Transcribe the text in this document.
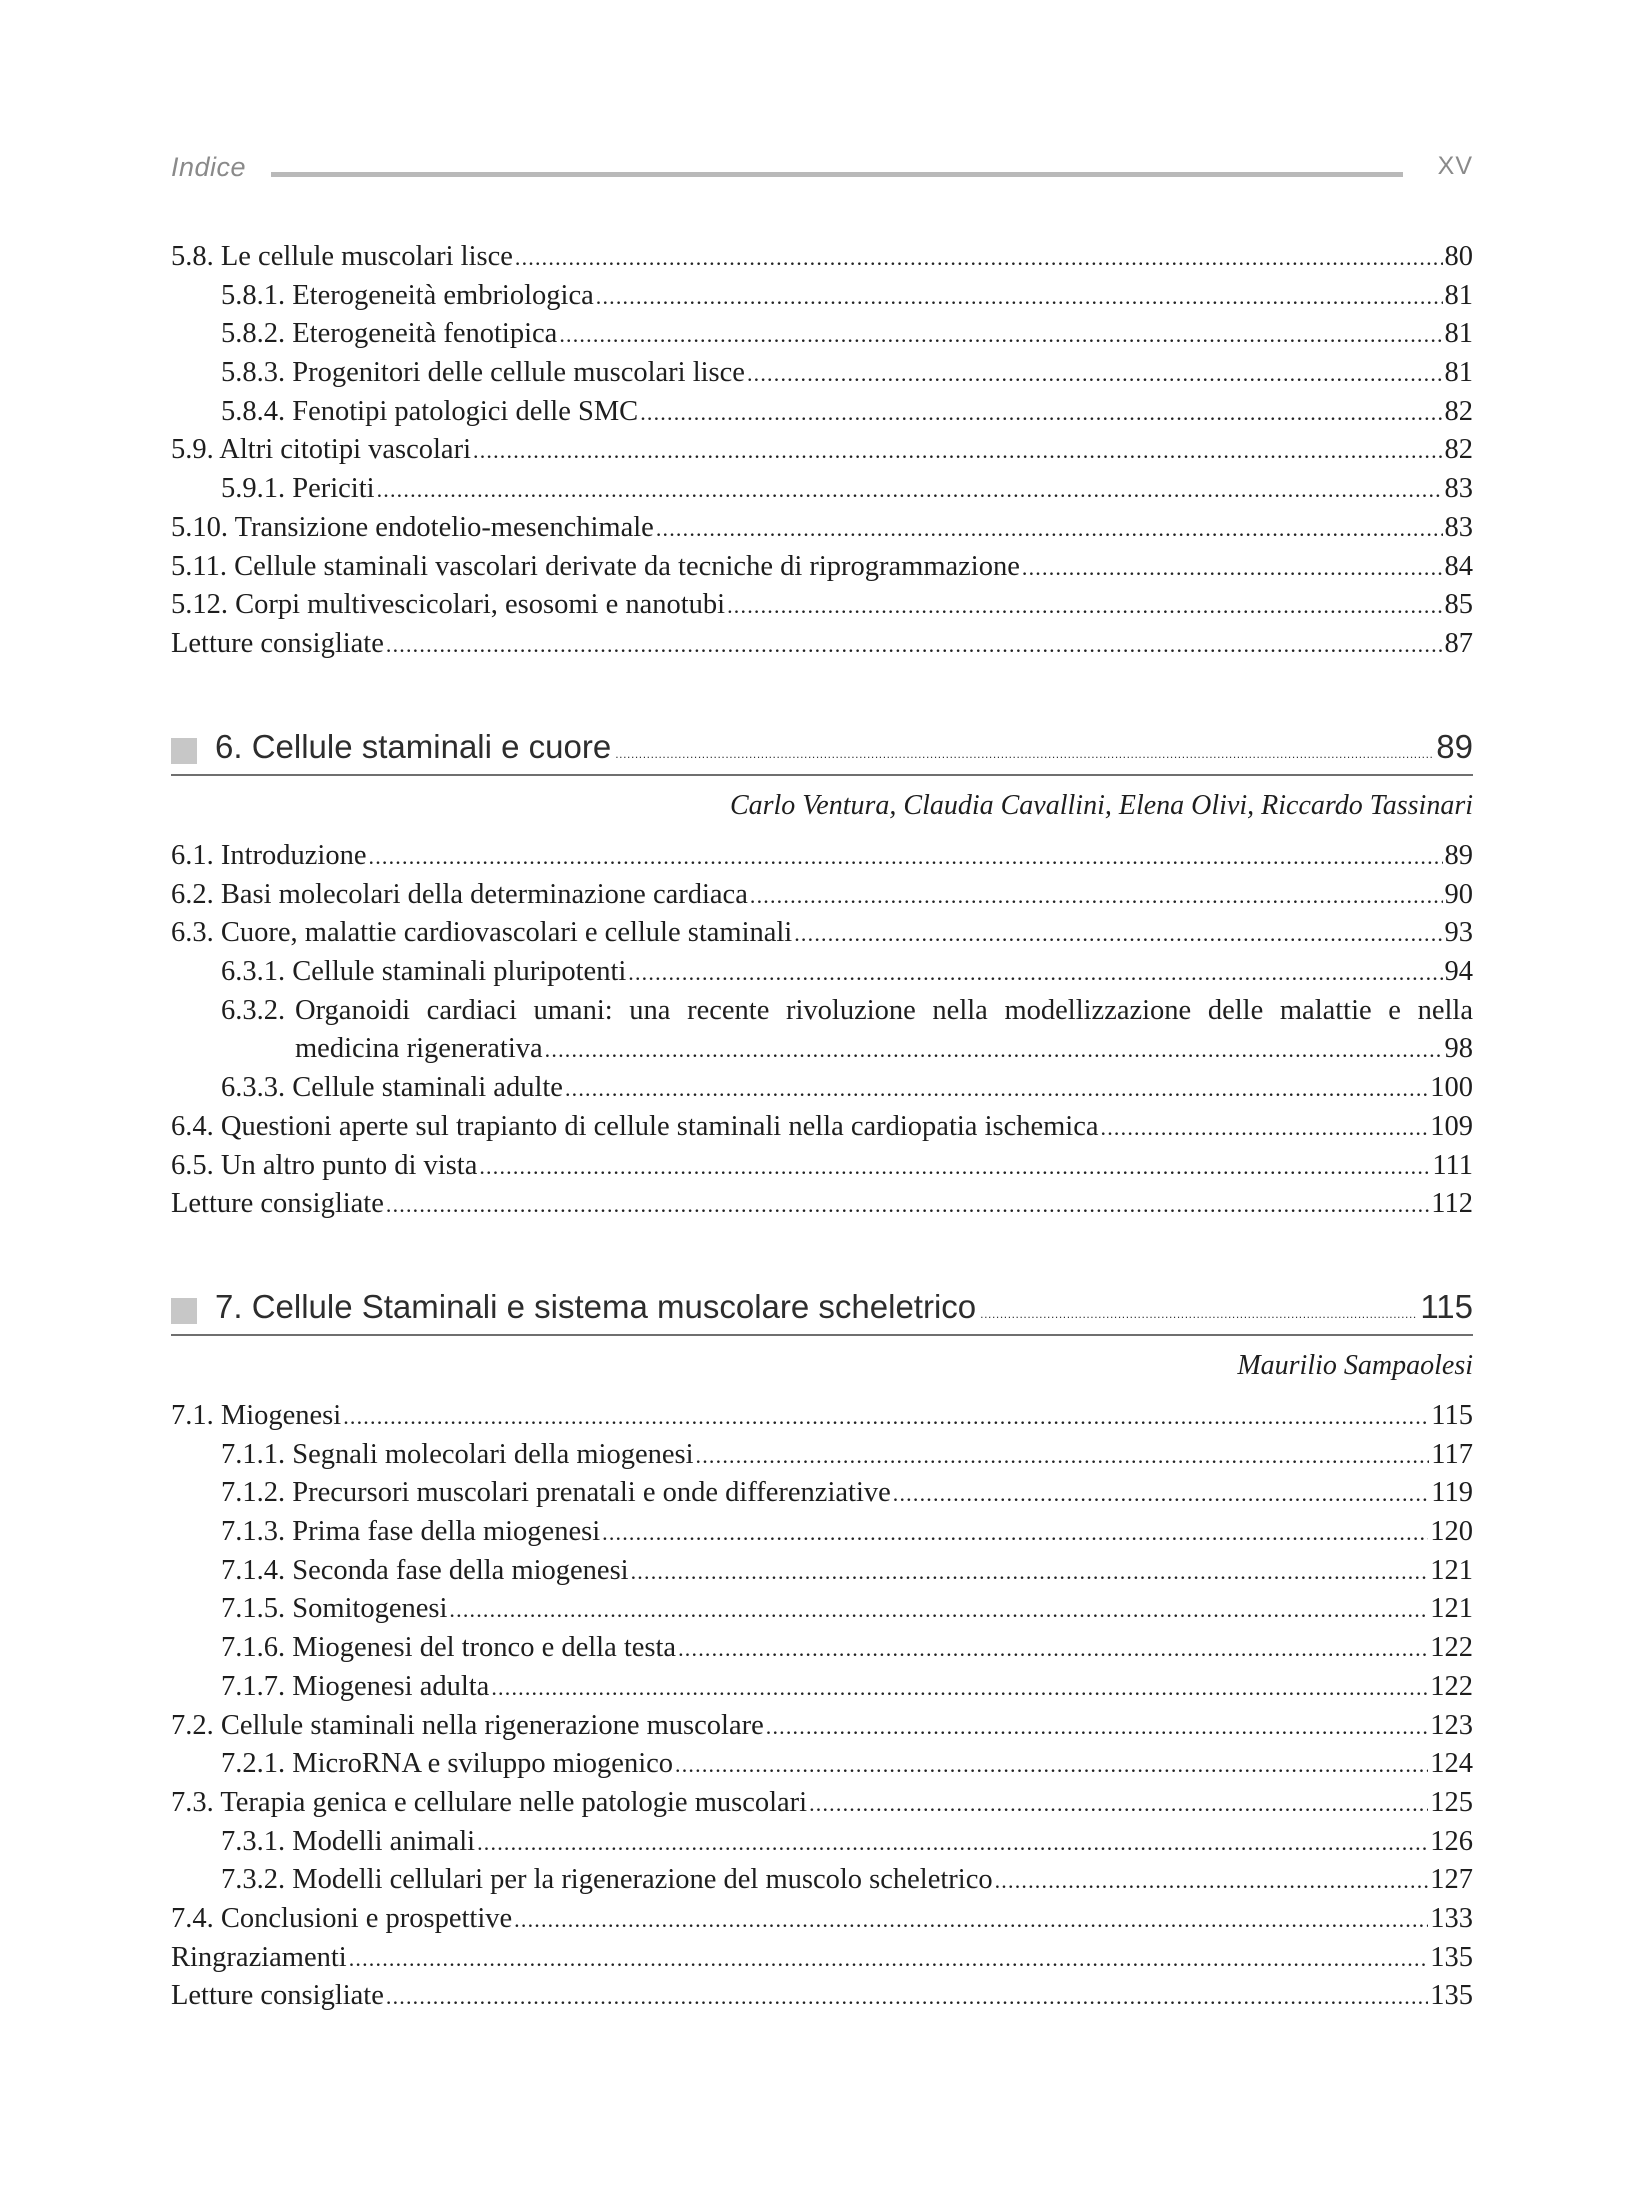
Indice	XV
5.8. Le cellule muscolari lisce .....	80
5.8.1. Eterogeneità embriologica .....	81
5.8.2. Eterogeneità fenotipica .....	81
5.8.3. Progenitori delle cellule muscolari lisce .....	81
5.8.4. Fenotipi patologici delle SMC .....	82
5.9. Altri citotipi vascolari .....	82
5.9.1. Periciti .....	83
5.10. Transizione endotelio-mesenchimale .....	83
5.11. Cellule staminali vascolari derivate da tecniche di riprogrammazione .....	84
5.12. Corpi multivescicolari, esosomi e nanotubi .....	85
Letture consigliate .....	87
6. Cellule staminali e cuore .....	89
Carlo Ventura, Claudia Cavallini, Elena Olivi, Riccardo Tassinari
6.1. Introduzione .....	89
6.2. Basi molecolari della determinazione cardiaca .....	90
6.3. Cuore, malattie cardiovascolari e cellule staminali .....	93
6.3.1. Cellule staminali pluripotenti .....	94
6.3.2. Organoidi cardiaci umani: una recente rivoluzione nella modellizzazione delle malattie e nella
medicina rigenerativa .....	98
6.3.3. Cellule staminali adulte .....	100
6.4. Questioni aperte sul trapianto di cellule staminali nella cardiopatia ischemica .....	109
6.5. Un altro punto di vista .....	111
Letture consigliate .....	112
7. Cellule Staminali e sistema muscolare scheletrico .....	115
Maurilio Sampaolesi
7.1. Miogenesi .....	115
7.1.1. Segnali molecolari della miogenesi .....	117
7.1.2. Precursori muscolari prenatali e onde differenziative .....	119
7.1.3. Prima fase della miogenesi .....	120
7.1.4. Seconda fase della miogenesi .....	121
7.1.5. Somitogenesi .....	121
7.1.6. Miogenesi del tronco e della testa .....	122
7.1.7. Miogenesi adulta .....	122
7.2. Cellule staminali nella rigenerazione muscolare .....	123
7.2.1. MicroRNA e sviluppo miogenico .....	124
7.3. Terapia genica e cellulare nelle patologie muscolari .....	125
7.3.1. Modelli animali .....	126
7.3.2. Modelli cellulari per la rigenerazione del muscolo scheletrico .....	127
7.4. Conclusioni e prospettive .....	133
Ringraziamenti .....	135
Letture consigliate .....	135
